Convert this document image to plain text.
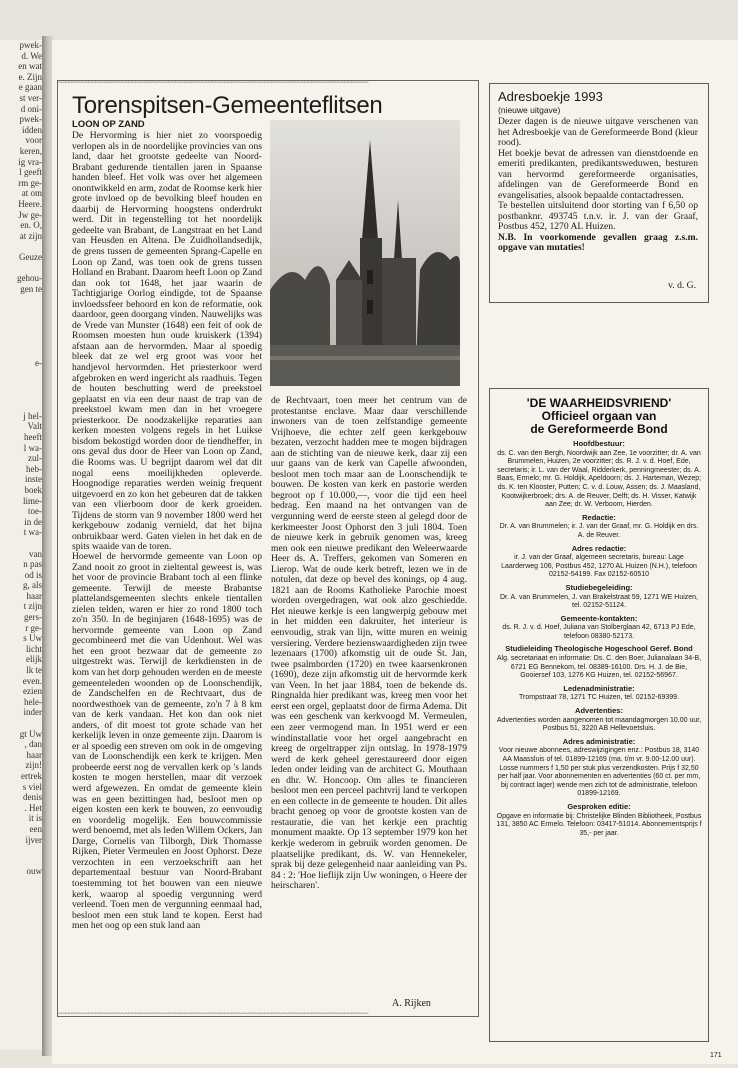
pwek-
d. We
en wat
e. Zijn
e gaan
st ver-
d oni-
pwek-
idden
voor
keren,
ig vra-
l geeft
rm ge-
at om
Heere.
Jw ge-
en. O,
at zijn

Geuze

gehou-
gen te

e-

j hel-
Valt
heeft
l wa-
zul-
heb-
inste
boek
lime-
toe-
in de
t wa-

van
n pas
od is
g, als
haar
t zijn
gers-
r ge-
s Uw
licht
elijk
lk te
even.
ezien
hele-
inder

gt Uw
, dan
haar
zijn!
ertrek
s viel
denis
. Het
it is
een
ijver

ouw
~~~~~~~~~~~~~~~~~~~~~~~~~~~~~~~~~~~~~~~~~~~~~~~~~~~~~~~~~~~~~~~~~~~~~~~~~~~~~~~~~~~~~~~~~~~~~
~~~~~~~~~~~~~~~~~~~~~~~~~~~~~~~~~~~~~~~~~~~~~~~~~~~~~~~~~~~~~~~~~~~~~~~~~~~~~~~~~~~~~~~~~~~~~
Torenspitsen-Gemeenteflitsen
LOON OP ZAND

De Hervorming is hier niet zo voorspoedig verlopen als in de noordelijke provincies van ons land, daar het grootste gedeelte van Noord-Brabant gedurende tientallen jaren in Spaanse handen bleef. Het volk was over het algemeen onontwikkeld en arm, zodat de Roomse kerk hier grote invloed op de bevolking bleef houden en daarbij de Hervorming hoogstens onderdrukt werd. Dit in tegenstelling tot het noordelijk gedeelte van Brabant, de Langstraat en het Land van Heusden en Altena. De Zuidhollandsedijk, de grens tussen de gemeenten Sprang-Capelle en Loon op Zand, was toen ook de grens tussen Holland en Brabant. Daarom heeft Loon op Zand dan ook tot 1648, het jaar waarin de Tachtigjarige Oorlog eindigde, tot de Spaanse invloedssfeer behoord en kon de reformatie, ook daardoor, geen doorgang vinden. Nauwelijks was de Vrede van Munster (1648) een feit of ook de Roomsen moesten hun oude kruiskerk (1394) afstaan aan de hervormden. Maar al spoedig bleek dat ze wel erg groot was voor het handjevol hervormden. Het priesterkoor werd afgebroken en werd ingericht als raadhuis. Tegen de houten beschutting werd de preekstoel geplaatst en via een deur naast de trap van de preekstoel kwam men dan in het vroegere priesterkoor. De noodzakelijke reparaties aan kerken moesten volgens regels in het Luikse bisdom bekostigd worden door de tiendheffer, in ons geval dus door de Heer van Loon op Zand, die Rooms was. U begrijpt daarom wel dat dit nogal eens moeilijkheden opleverde. Hoognodige reparaties werden weinig frequent uitgevoerd en zo kon het gebeuren dat de takken van een vlierboom door de kerk groeiden. Tijdens de storm van 9 november 1800 werd het kerkgebouw zodanig vernield, dat het bijna onbruikbaar werd. Gaten vielen in het dak en de spits waaide van de toren.

Hoewel de hervormde gemeente van Loon op Zand nooit zo groot in zieltental geweest is, was het voor de provincie Brabant toch al een flinke gemeente. Terwijl de meeste Brabantse plattelandsgemeenten slechts enkele tientallen zielen telden, waren er hier zo rond 1800 toch zo'n 350. In de beginjaren (1648-1695) was de hervormde gemeente van Loon op Zand gecombineerd met die van Udenhout. Wel was het een groot bezwaar dat de gemeente zo uitgestrekt was. Terwijl de kerkdiensten in de kom van het dorp gehouden werden en de meeste gemeenteleden woonden op de Loonschendijk, de Zandschelfen en de Rechtvaart, dus de noordwesthoek van de gemeente, zo'n 7 à 8 km van de kerk vandaan. Het kon dan ook niet anders, of dit moest tot grote schade van het kerkelijk leven in onze gemeente zijn. Daarom is er al spoedig een streven om ook in de omgeving van de Loonschendijk een kerk te krijgen. Men probeerde eerst nog de vervallen kerk op 's lands kosten te mogen herstellen, maar dit verzoek werd afgewezen. En omdat de gemeente klein was en geen bezittingen had, besloot men op eigen kosten een kerk te bouwen, zo eenvoudig en voordelig mogelijk. Een bouwcommissie werd benoemd, met als leden Willem Ockers, Jan Darge, Cornelis van Tilborgh, Dirk Thomasse Rijken, Pieter Vermeulen en Joost Ophorst. Deze verzochten in een verzoekschrift aan het departementaal bestuur van Noord-Brabant toestemming tot het bouwen van een nieuwe kerk, waarop al spoedig vergunning werd verleend. Toen men de vergunning eenmaal had, besloot men een stuk land te kopen. Eerst had men het oog op een stuk land aan

de Rechtvaart, toen meer het centrum van de protestantse enclave. Maar daar verschillende inwoners van de toen zelfstandige gemeente Vrijhoeve, die echter zelf geen kerkgebouw bezaten, verzocht hadden mee te mogen bijdragen aan de stichting van de nieuwe kerk, daar zij een uur gaans van de kerk van Capelle afwoonden, besloot men toch maar aan de Loonschendijk te bouwen. De kosten van kerk en pastorie werden begroot op f 10.000,—, voor die tijd een heel bedrag. Een maand na het ontvangen van de vergunning werd de eerste steen al gelegd door de kerkmeester Joost Ophorst den 3 juli 1804. Toen de nieuwe kerk in gebruik genomen was, kreeg men ook een nieuwe predikant den Weleerwaarde Heer ds. A. Treffers, gekomen van Someren en Lierop. Wat de oude kerk betreft, lezen we in de notulen, dat deze op bevel des konings, op 4 aug. 1821 aan de Rooms Katholieke Parochie moest worden overgedragen, wat ook alzo geschiedde. Het nieuwe kerkje is een langwerpig gebouw met in het midden een dakruiter, het interieur is eenvoudig, strak van lijn, witte muren en weinig versiering. Verdere bezienswaardigheden zijn twee lezenaars (1700) afkomstig uit de oude St. Jan, twee psalmborden (1720) en twee kaarsenkronen (1690), deze zijn afkomstig uit de hervormde kerk van Veen. In het jaar 1884, toen de bekende ds. Ringnalda hier predikant was, kreeg men voor het eerst een orgel, geplaatst door de firma Adema. Dit was een geschenk van kerkvoogd M. Vermeulen, een zeer vermogend man. In 1951 werd er een windinstallatie voor het orgel aangebracht en kreeg de orgeltrapper zijn ontslag. In 1978-1979 werd de kerk geheel gerestaureerd door eigen leden onder leiding van de architect G. Mouthaan en dhr. W. Honcoop. Om alles te financieren besloot men een perceel pachtvrij land te verkopen en een collecte in de gemeente te houden. Dit alles bracht genoeg op voor de grootste kosten van de restauratie, die van het kerkje een prachtig monument maakte. Op 13 september 1979 kon het kerkje wederom in gebruik worden genomen. De plaatselijke predikant, ds. W. van Hennekeler, sprak bij deze gelegenheid naar aanleiding van Ps. 84 : 2: 'Hoe lieflijk zijn Uw woningen, o Heere der heirscharen'.

A. Rijken
Adresboekje 1993
(nieuwe uitgave)

Dezer dagen is de nieuwe uitgave verschenen van het Adresboekje van de Gereformeerde Bond (kleur rood).

Het boekje bevat de adressen van dienstdoende en emeriti predikanten, predikantsweduwen, besturen van hervormd gereformeerde organisaties, afdelingen van de Gereformeerde Bond en evangelisaties, alsook bepaalde contactadressen.

Te bestellen uitsluitend door storting van f 6,50 op postbanknr. 493745 t.n.v. ir. J. van der Graaf, Postbus 452, 1270 AL Huizen.

N.B. In voorkomende gevallen graag z.s.m. opgave van mutaties!

v. d. G.
'DE WAARHEIDSVRIEND'
Officieel orgaan van
de Gereformeerde Bond
Hoofdbestuur:
ds. C. van den Bergh, Noordwijk aan Zee, 1e voorzitter; dr. A. van Brummelen, Huizen, 2e voorzitter; ds. R. J. v. d. Hoef, Ede, secretaris; ir. L. van der Waal, Ridderkerk, penningmeester; ds. A. Baas, Ermelo; mr. G. Holdijk, Apeldoorn; ds. J. Harteman, Wezep; ds. K. ten Klooster, Putten; C. v. d. Louw, Assen; ds. J. Maasland, Kootwijkerbroek; drs. A. de Reuver, Delft; ds. H. Visser, Katwijk aan Zee; dr. W. Verboom, Hierden.
Redactie:
Dr. A. van Brummelen; ir. J. van der Graaf, mr. G. Holdijk en drs. A. de Reuver.
Adres redactie:
ir. J. van der Graaf, algemeen secretaris, bureau: Lage Laarderweg 106, Postbus 452, 1270 AL Huizen (N.H.), telefoon 02152-54199. Fax 02152-60510
Studiebegeleiding:
Dr. A. van Brummelen, J. van Brakelstraat 59, 1271 WE Huizen, tel. 02152-51124.
Gemeente-kontakten:
ds. R. J. v. d. Hoef, Juliana van Stolberglaan 42, 6713 PJ Ede, telefoon 08380-52173.
Studieleiding Theologische Hogeschool Geref. Bond
Alg. secretariaat en informatie: Ds. C. den Boer, Julianalaan 34-B, 6721 EG Bennekom, tel. 08389-16100. Drs. H. J. de Bie, Gooiersef 103, 1276 KG Huizen, tel. 02152-56967.
Ledenadministratie:
Trompstraat 78, 1271 TC Huizen, tel. 02152-69399.
Advertenties:
Advertenties worden aangenomen tot maandagmorgen 10.00 uur, Postbus 51, 3220 AB Hellevoetsluis.
Adres administratie:
Voor nieuwe abonnees, adreswijzigingen enz.: Postbus 18, 3140 AA Maassluis of tel. 01899-12169 (ma. t/m vr. 9.00-12.00 uur). Losse nummers f 1,50 per stuk plus verzendkosten. Prijs f 32,50 per half jaar. Voor abonnementen en advertenties (60 ct. per mm, bij contract lager) wende men zich tot de administratie, telefoon 01899-12169.
Gesproken editie:
Opgave en informatie bij: Christelijke Blinden Bibliotheek, Postbus 131, 3850 AC Ermelo. Telefoon: 03417-51014. Abonnementsprijs f 35,- per jaar.
171
